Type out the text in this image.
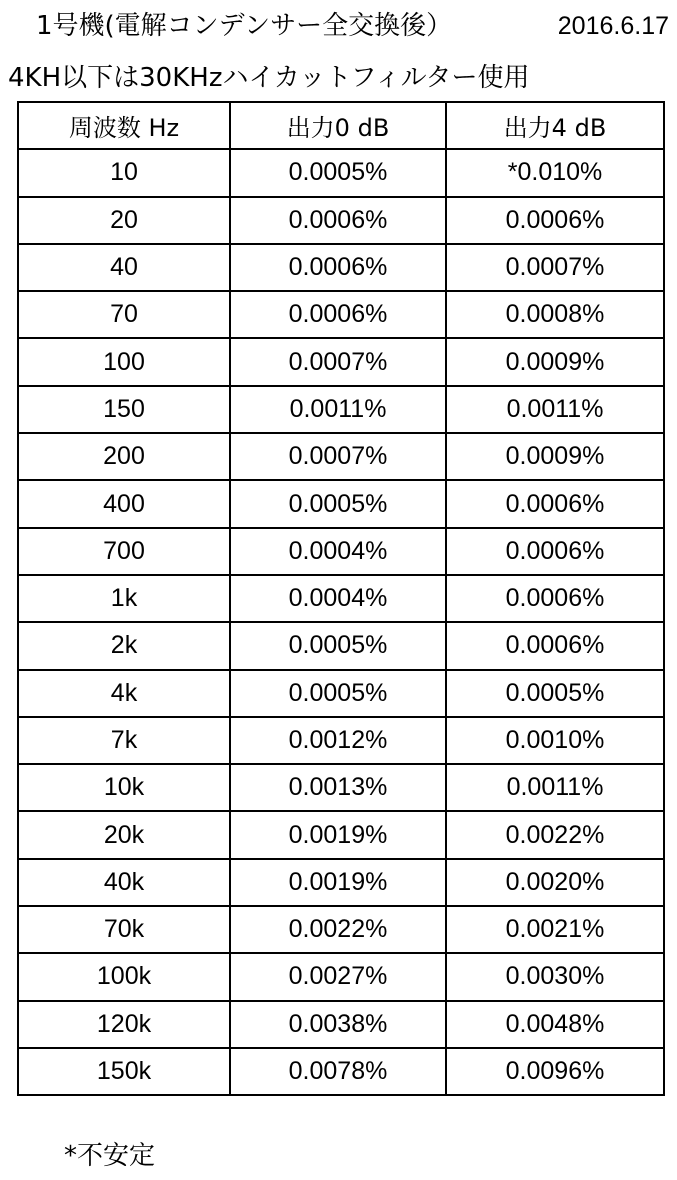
1号機(電解コンデンサー全交換後）	2016.6.17
4KH以下は30KHzハイカットフィルター使用
周波数 Hz	出力0 dB	出力4 dB
10	0.0005%	*0.010%
20	0.0006%	0.0006%
40	0.0006%	0.0007%
70	0.0006%	0.0008%
100	0.0007%	0.0009%
150	0.0011%	0.0011%
200	0.0007%	0.0009%
400	0.0005%	0.0006%
700	0.0004%	0.0006%
1k	0.0004%	0.0006%
2k	0.0005%	0.0006%
4k	0.0005%	0.0005%
7k	0.0012%	0.0010%
10k	0.0013%	0.0011%
20k	0.0019%	0.0022%
40k	0.0019%	0.0020%
70k	0.0022%	0.0021%
100k	0.0027%	0.0030%
120k	0.0038%	0.0048%
150k	0.0078%	0.0096%
*不安定
